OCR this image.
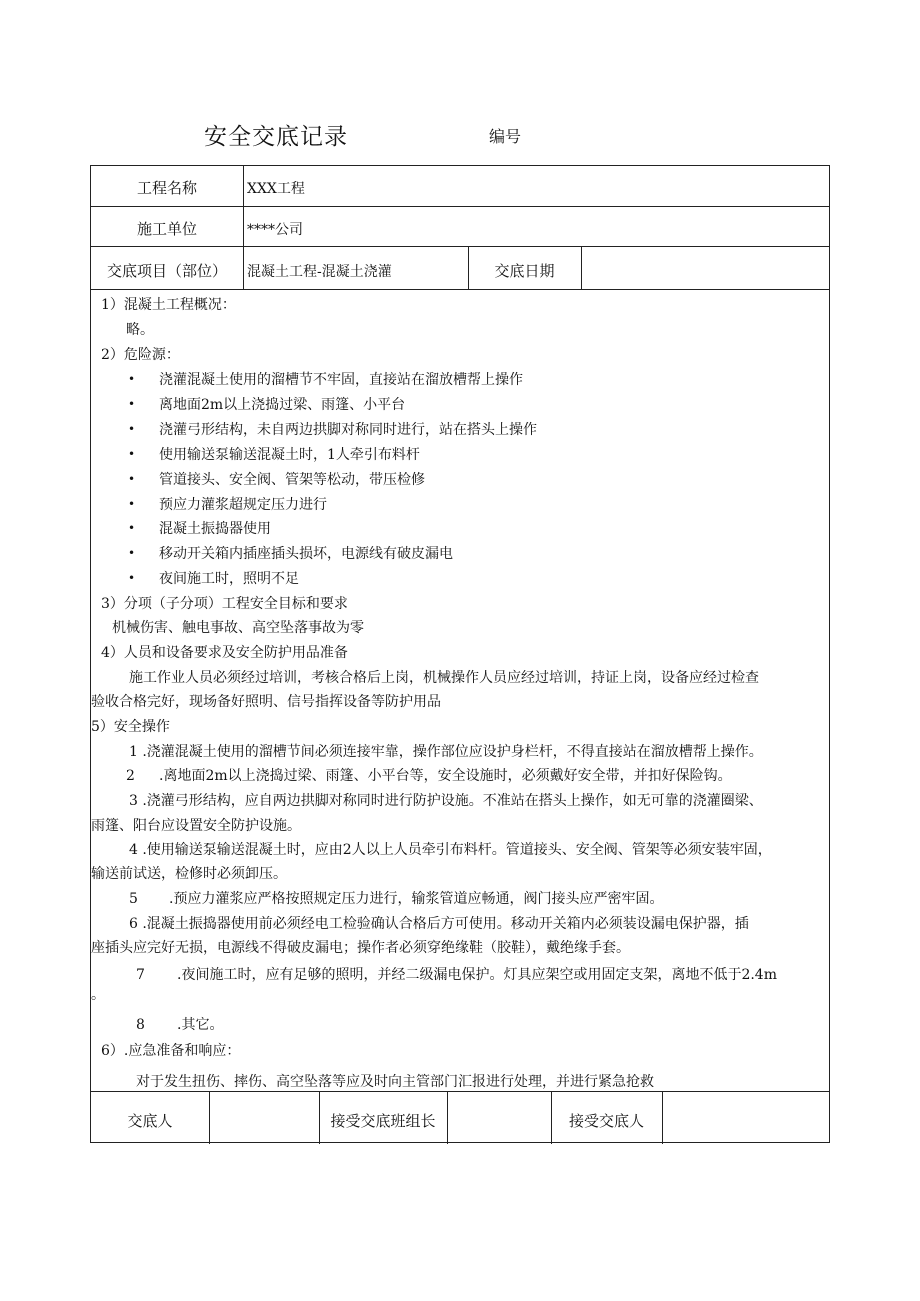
安全交底记录	编号
工程名称	XXX工程
施工单位	****公司
交底项目（部位）	混凝土工程-混凝土浇灌	交底日期
1）混凝土工程概况：
略。
2）危险源：
• 浇灌混凝土使用的溜槽节不牢固，直接站在溜放槽帮上操作
• 离地面2m以上浇捣过梁、雨篷、小平台
• 浇灌弓形结构，未自两边拱脚对称同时进行，站在搭头上操作
• 使用输送泵输送混凝土时，1人牵引布料杆
• 管道接头、安全阀、管架等松动，带压检修
• 预应力灌浆超规定压力进行
• 混凝土振捣器使用
• 移动开关箱内插座插头损坏，电源线有破皮漏电
• 夜间施工时，照明不足
3）分项（子分项）工程安全目标和要求
机械伤害、触电事故、高空坠落事故为零
4）人员和设备要求及安全防护用品准备
施工作业人员必须经过培训，考核合格后上岗，机械操作人员应经过培训，持证上岗，设备应经过检查
验收合格完好，现场备好照明、信号指挥设备等防护用品
5）安全操作
1 .浇灌混凝土使用的溜槽节间必须连接牢靠，操作部位应设护身栏杆，不得直接站在溜放槽帮上操作。
2 .离地面2m以上浇捣过梁、雨篷、小平台等，安全设施时，必须戴好安全带，并扣好保险钩。
3 .浇灌弓形结构，应自两边拱脚对称同时进行防护设施。不准站在搭头上操作，如无可靠的浇灌圈梁、
雨篷、阳台应设置安全防护设施。
4 .使用输送泵输送混凝土时，应由2人以上人员牵引布料杆。管道接头、安全阀、管架等必须安装牢固，
输送前试送，检修时必须卸压。
5 .预应力灌浆应严格按照规定压力进行，输浆管道应畅通，阀门接头应严密牢固。
6 .混凝土振捣器使用前必须经电工检验确认合格后方可使用。移动开关箱内必须装设漏电保护器，插
座插头应完好无损，电源线不得破皮漏电；操作者必须穿绝缘鞋（胶鞋），戴绝缘手套。
7 .夜间施工时，应有足够的照明，并经二级漏电保护。灯具应架空或用固定支架，离地不低于2.4m
。
8 .其它。
6）.应急准备和响应：
对于发生扭伤、摔伤、高空坠落等应及时向主管部门汇报进行处理，并进行紧急抢救
交底人	接受交底班组长	接受交底人
